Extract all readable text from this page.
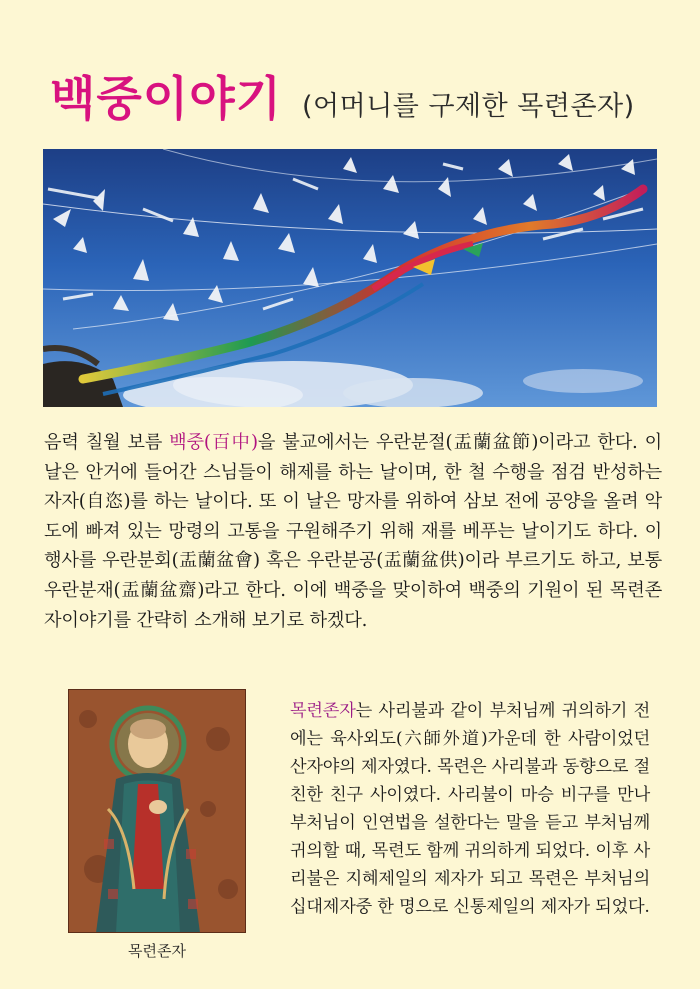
백중이야기 (어머니를 구제한 목련존자)
음력 칠월 보름 백중(百中)을 불교에서는 우란분절(盂蘭盆節)이라고 한다. 이 날은 안거에 들어간 스님들이 해제를 하는 날이며, 한 철 수행을 점검 반성하는 자자(自恣)를 하는 날이다. 또 이 날은 망자를 위하여 삼보 전에 공양을 올려 악도에 빠져 있는 망령의 고통을 구원해주기 위해 재를 베푸는 날이기도 하다. 이 행사를 우란분회(盂蘭盆會) 혹은 우란분공(盂蘭盆供)이라 부르기도 하고, 보통 우란분재(盂蘭盆齋)라고 한다. 이에 백중을 맞이하여 백중의 기원이 된 목련존자이야기를 간략히 소개해 보기로 하겠다.
목련존자
목련존자는 사리불과 같이 부처님께 귀의하기 전에는 육사외도(六師外道)가운데 한 사람이었던 산자야의 제자였다. 목련은 사리불과 동향으로 절친한 친구 사이였다. 사리불이 마승 비구를 만나 부처님이 인연법을 설한다는 말을 듣고 부처님께 귀의할 때, 목련도 함께 귀의하게 되었다. 이후 사리불은 지혜제일의 제자가 되고 목련은 부처님의 십대제자중 한 명으로 신통제일의 제자가 되었다.
